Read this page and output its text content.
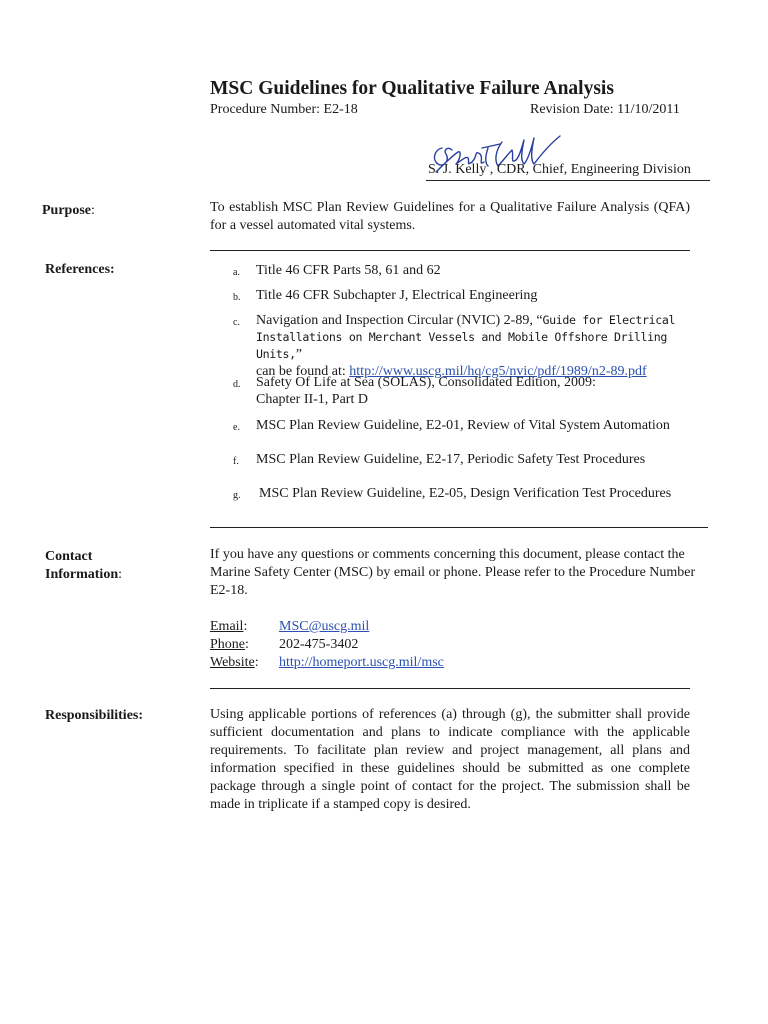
MSC Guidelines for Qualitative Failure Analysis
Procedure Number: E2-18	Revision Date: 11/10/2011
S. J. Kelly , CDR, Chief, Engineering Division
Purpose:	To establish MSC Plan Review Guidelines for a Qualitative Failure Analysis (QFA) for a vessel automated vital systems.
References:	a. Title 46 CFR Parts 58, 61 and 62
b. Title 46 CFR Subchapter J, Electrical Engineering
c. Navigation and Inspection Circular (NVIC) 2-89, “Guide for Electrical Installations on Merchant Vessels and Mobile Offshore Drilling Units,”
can be found at: http://www.uscg.mil/hq/cg5/nvic/pdf/1989/n2-89.pdf
d. Safety Of Life at Sea (SOLAS), Consolidated Edition, 2009:
Chapter II-1, Part D
e. MSC Plan Review Guideline, E2-01, Review of Vital System Automation
f. MSC Plan Review Guideline, E2-17, Periodic Safety Test Procedures
g. MSC Plan Review Guideline, E2-05, Design Verification Test Procedures
Contact
Information:
If you have any questions or comments concerning this document, please contact the Marine Safety Center (MSC) by email or phone. Please refer to the Procedure Number E2-18.
Email: MSC@uscg.mil
Phone: 202-475-3402
Website: http://homeport.uscg.mil/msc
Responsibilities:	Using applicable portions of references (a) through (g), the submitter shall provide sufficient documentation and plans to indicate compliance with the applicable requirements. To facilitate plan review and project management, all plans and information specified in these guidelines should be submitted as one complete package through a single point of contact for the project. The submission shall be made in triplicate if a stamped copy is desired.
